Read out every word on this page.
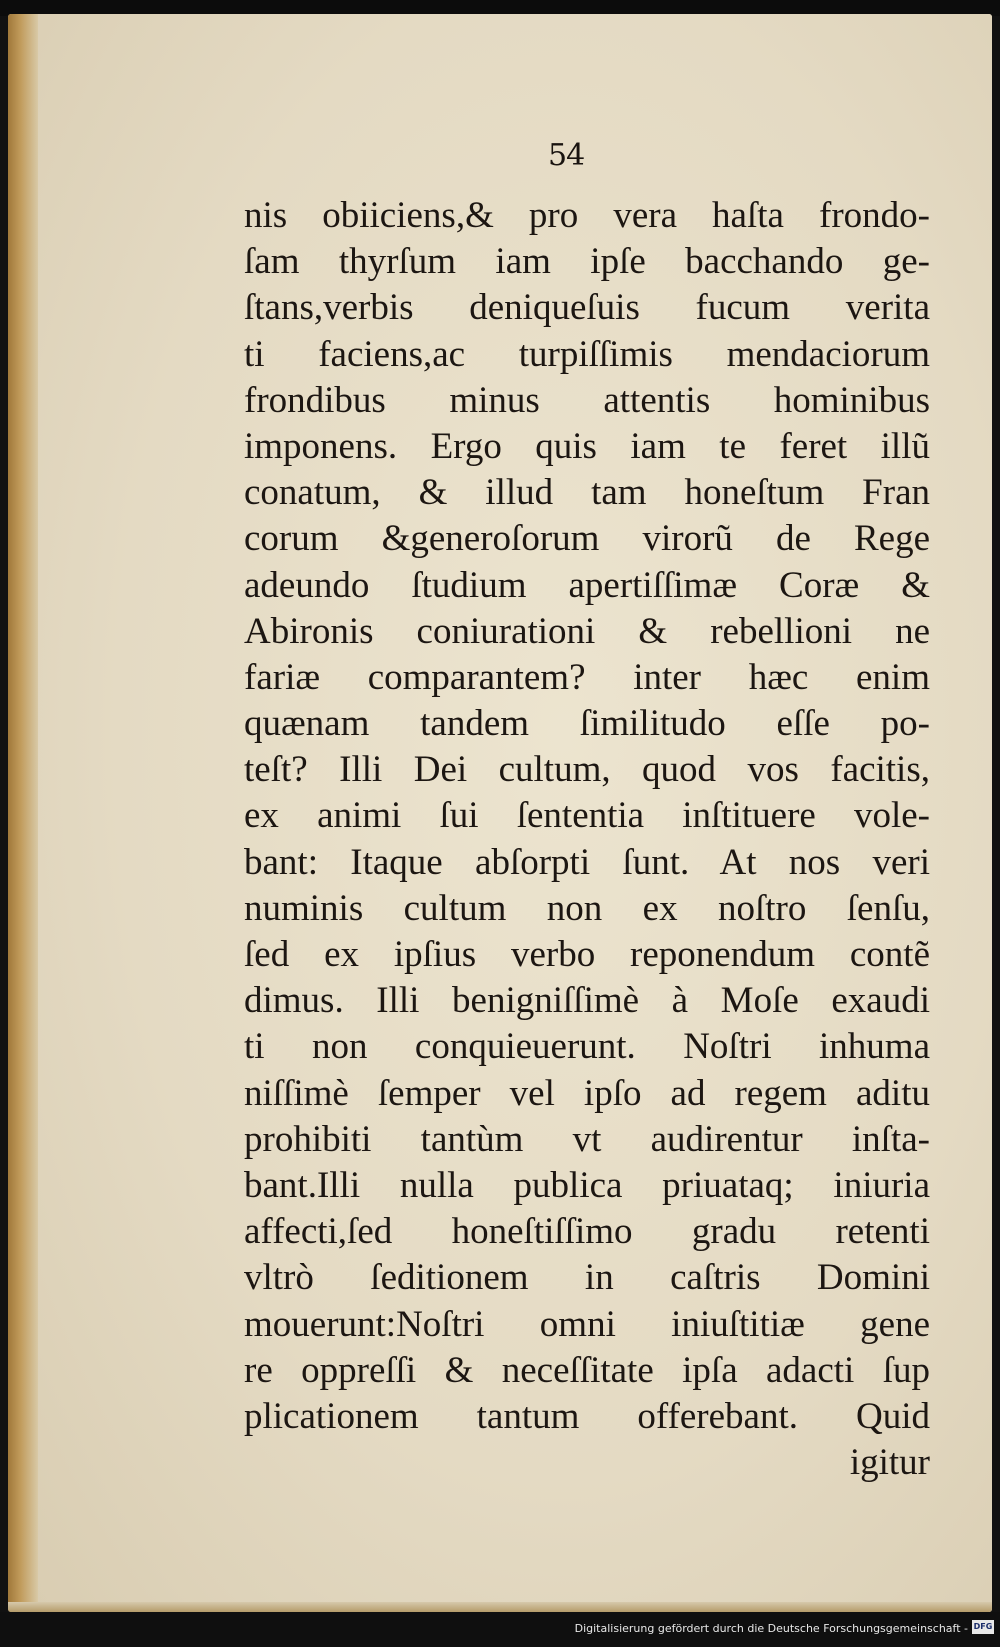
54
nis obiiciens,& pro vera haſta frondo-
ſam thyrſum iam ipſe bacchando ge-
ſtans,verbis deniqueſuis fucum verita
ti faciens,ac turpiſſimis mendaciorum
frondibus minus attentis hominibus
imponens. Ergo quis iam te feret illũ
conatum, & illud tam honeſtum Fran
corum &generoſorum virorũ de Rege
adeundo ſtudium apertiſſimæ Coræ &
Abironis coniurationi & rebellioni ne
fariæ comparantem? inter hæc enim
quænam tandem ſimilitudo eſſe po-
teſt? Illi Dei cultum, quod vos facitis,
ex animi ſui ſententia inſtituere vole-
bant: Itaque abſorpti ſunt. At nos veri
numinis cultum non ex noſtro ſenſu,
ſed ex ipſius verbo reponendum contẽ
dimus. Illi benigniſſimè à Moſe exaudi
ti non conquieuerunt. Noſtri inhuma
niſſimè ſemper vel ipſo ad regem aditu
prohibiti tantùm vt audirentur inſta-
bant.Illi nulla publica priuataq; iniuria
affecti,ſed honeſtiſſimo gradu retenti
vltrò ſeditionem in caſtris Domini
mouerunt:Noſtri omni iniuſtitiæ gene
re oppreſſi & neceſſitate ipſa adacti ſup
plicationem tantum offerebant. Quid
igitur
Digitalisierung gefördert durch die Deutsche Forschungsgemeinschaft - DFG
